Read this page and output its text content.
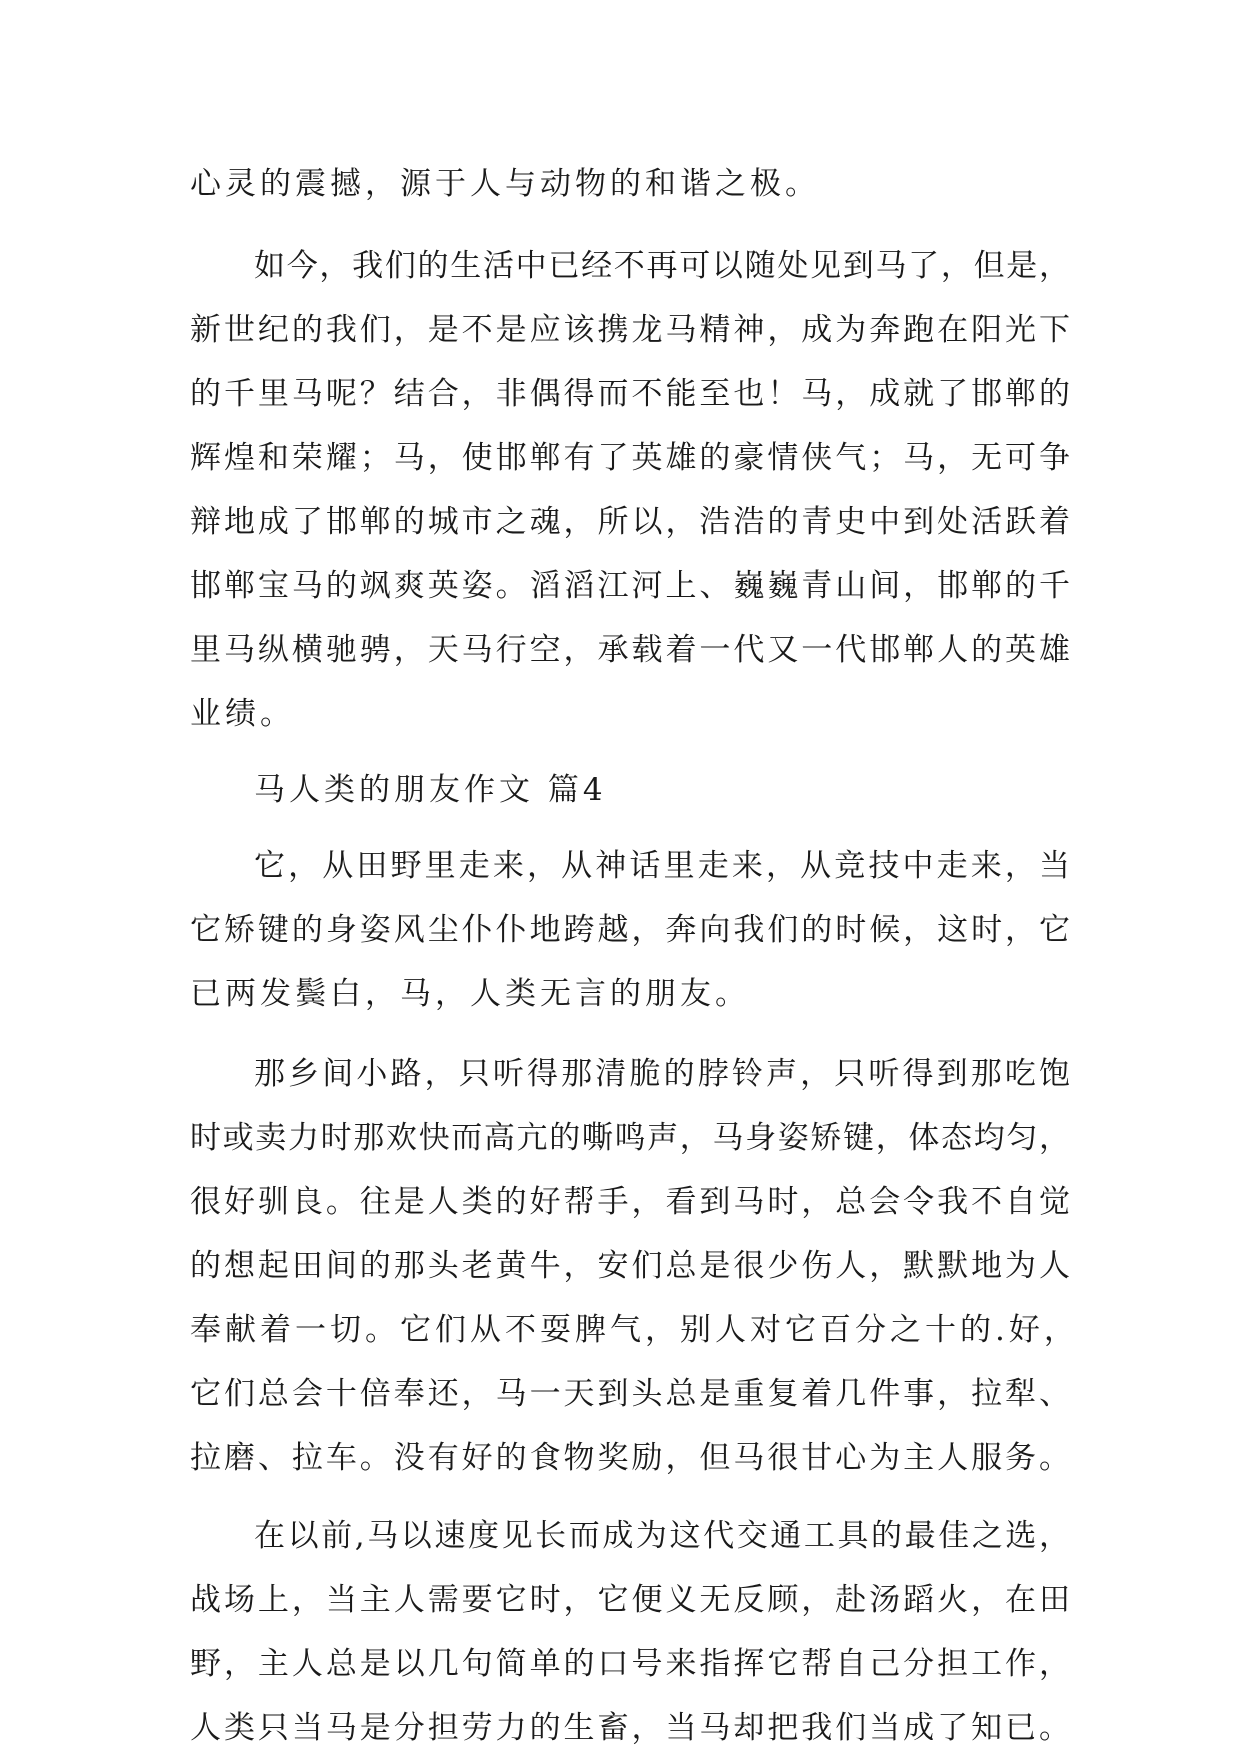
心灵的震撼，源于人与动物的和谐之极。
如今，我们的生活中已经不再可以随处见到马了，但是，
新世纪的我们，是不是应该携龙马精神，成为奔跑在阳光下
的千里马呢？结合，非偶得而不能至也！马，成就了邯郸的
辉煌和荣耀；马，使邯郸有了英雄的豪情侠气；马，无可争
辩地成了邯郸的城市之魂，所以，浩浩的青史中到处活跃着
邯郸宝马的飒爽英姿。滔滔江河上、巍巍青山间，邯郸的千
里马纵横驰骋，天马行空，承载着一代又一代邯郸人的英雄
业绩。
马人类的朋友作文 篇4
它，从田野里走来，从神话里走来，从竞技中走来，当
它矫键的身姿风尘仆仆地跨越，奔向我们的时候，这时，它
已两发鬓白，马，人类无言的朋友。
那乡间小路，只听得那清脆的脖铃声，只听得到那吃饱
时或卖力时那欢快而高亢的嘶鸣声，马身姿矫键，体态均匀，
很好驯良。往是人类的好帮手，看到马时，总会令我不自觉
的想起田间的那头老黄牛，安们总是很少伤人，默默地为人
奉献着一切。它们从不耍脾气，别人对它百分之十的.好，
它们总会十倍奉还，马一天到头总是重复着几件事，拉犁、
拉磨、拉车。没有好的食物奖励，但马很甘心为主人服务。
在以前,马以速度见长而成为这代交通工具的最佳之选，
战场上，当主人需要它时，它便义无反顾，赴汤蹈火，在田
野，主人总是以几句简单的口号来指挥它帮自己分担工作，
人类只当马是分担劳力的生畜，当马却把我们当成了知已。
